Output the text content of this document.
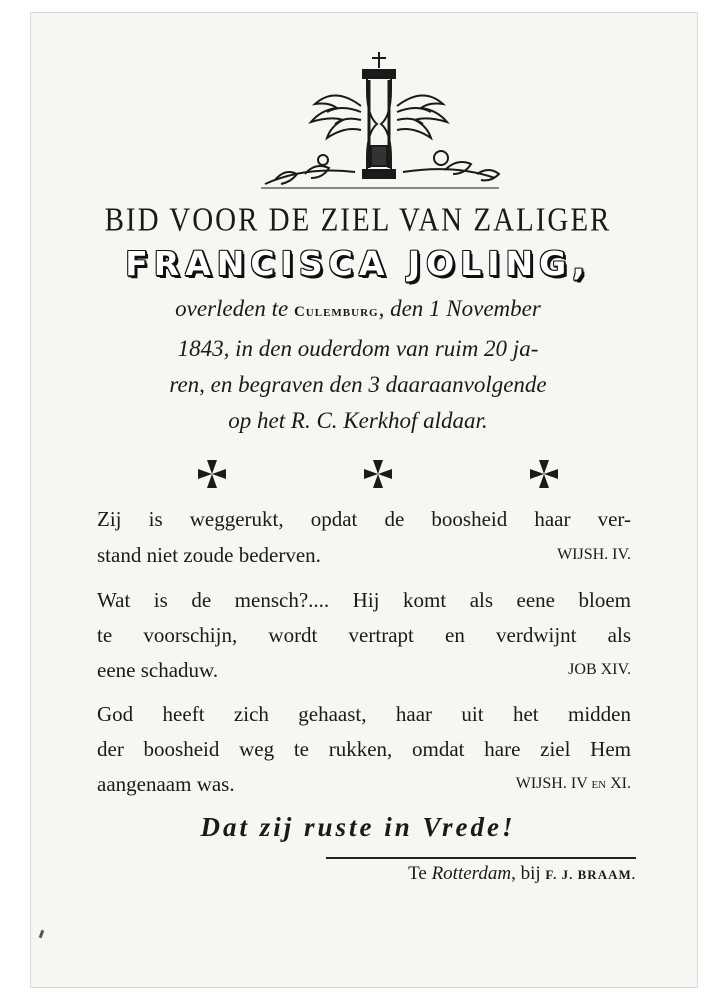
BID VOOR DE ZIEL VAN ZALIGER
FRANCISCA JOLING,
overleden te Culemburg, den 1 November
1843, in den ouderdom van ruim 20 ja-
ren, en begraven den 3 daaraanvolgende
op het R. C. Kerkhof aldaar.
Zij is weggerukt, opdat de boosheid haar ver-
stand niet zoude bederven.	WIJSH. IV.
Wat is de mensch?.... Hij komt als eene bloem
te voorschijn, wordt vertrapt en verdwijnt als
eene schaduw.	JOB XIV.
God heeft zich gehaast, haar uit het midden
der boosheid weg te rukken, omdat hare ziel Hem
aangenaam was.	WIJSH. IV en XI.
Dat zij ruste in Vrede!
Te Rotterdam, bij F. J. BRAAM.
